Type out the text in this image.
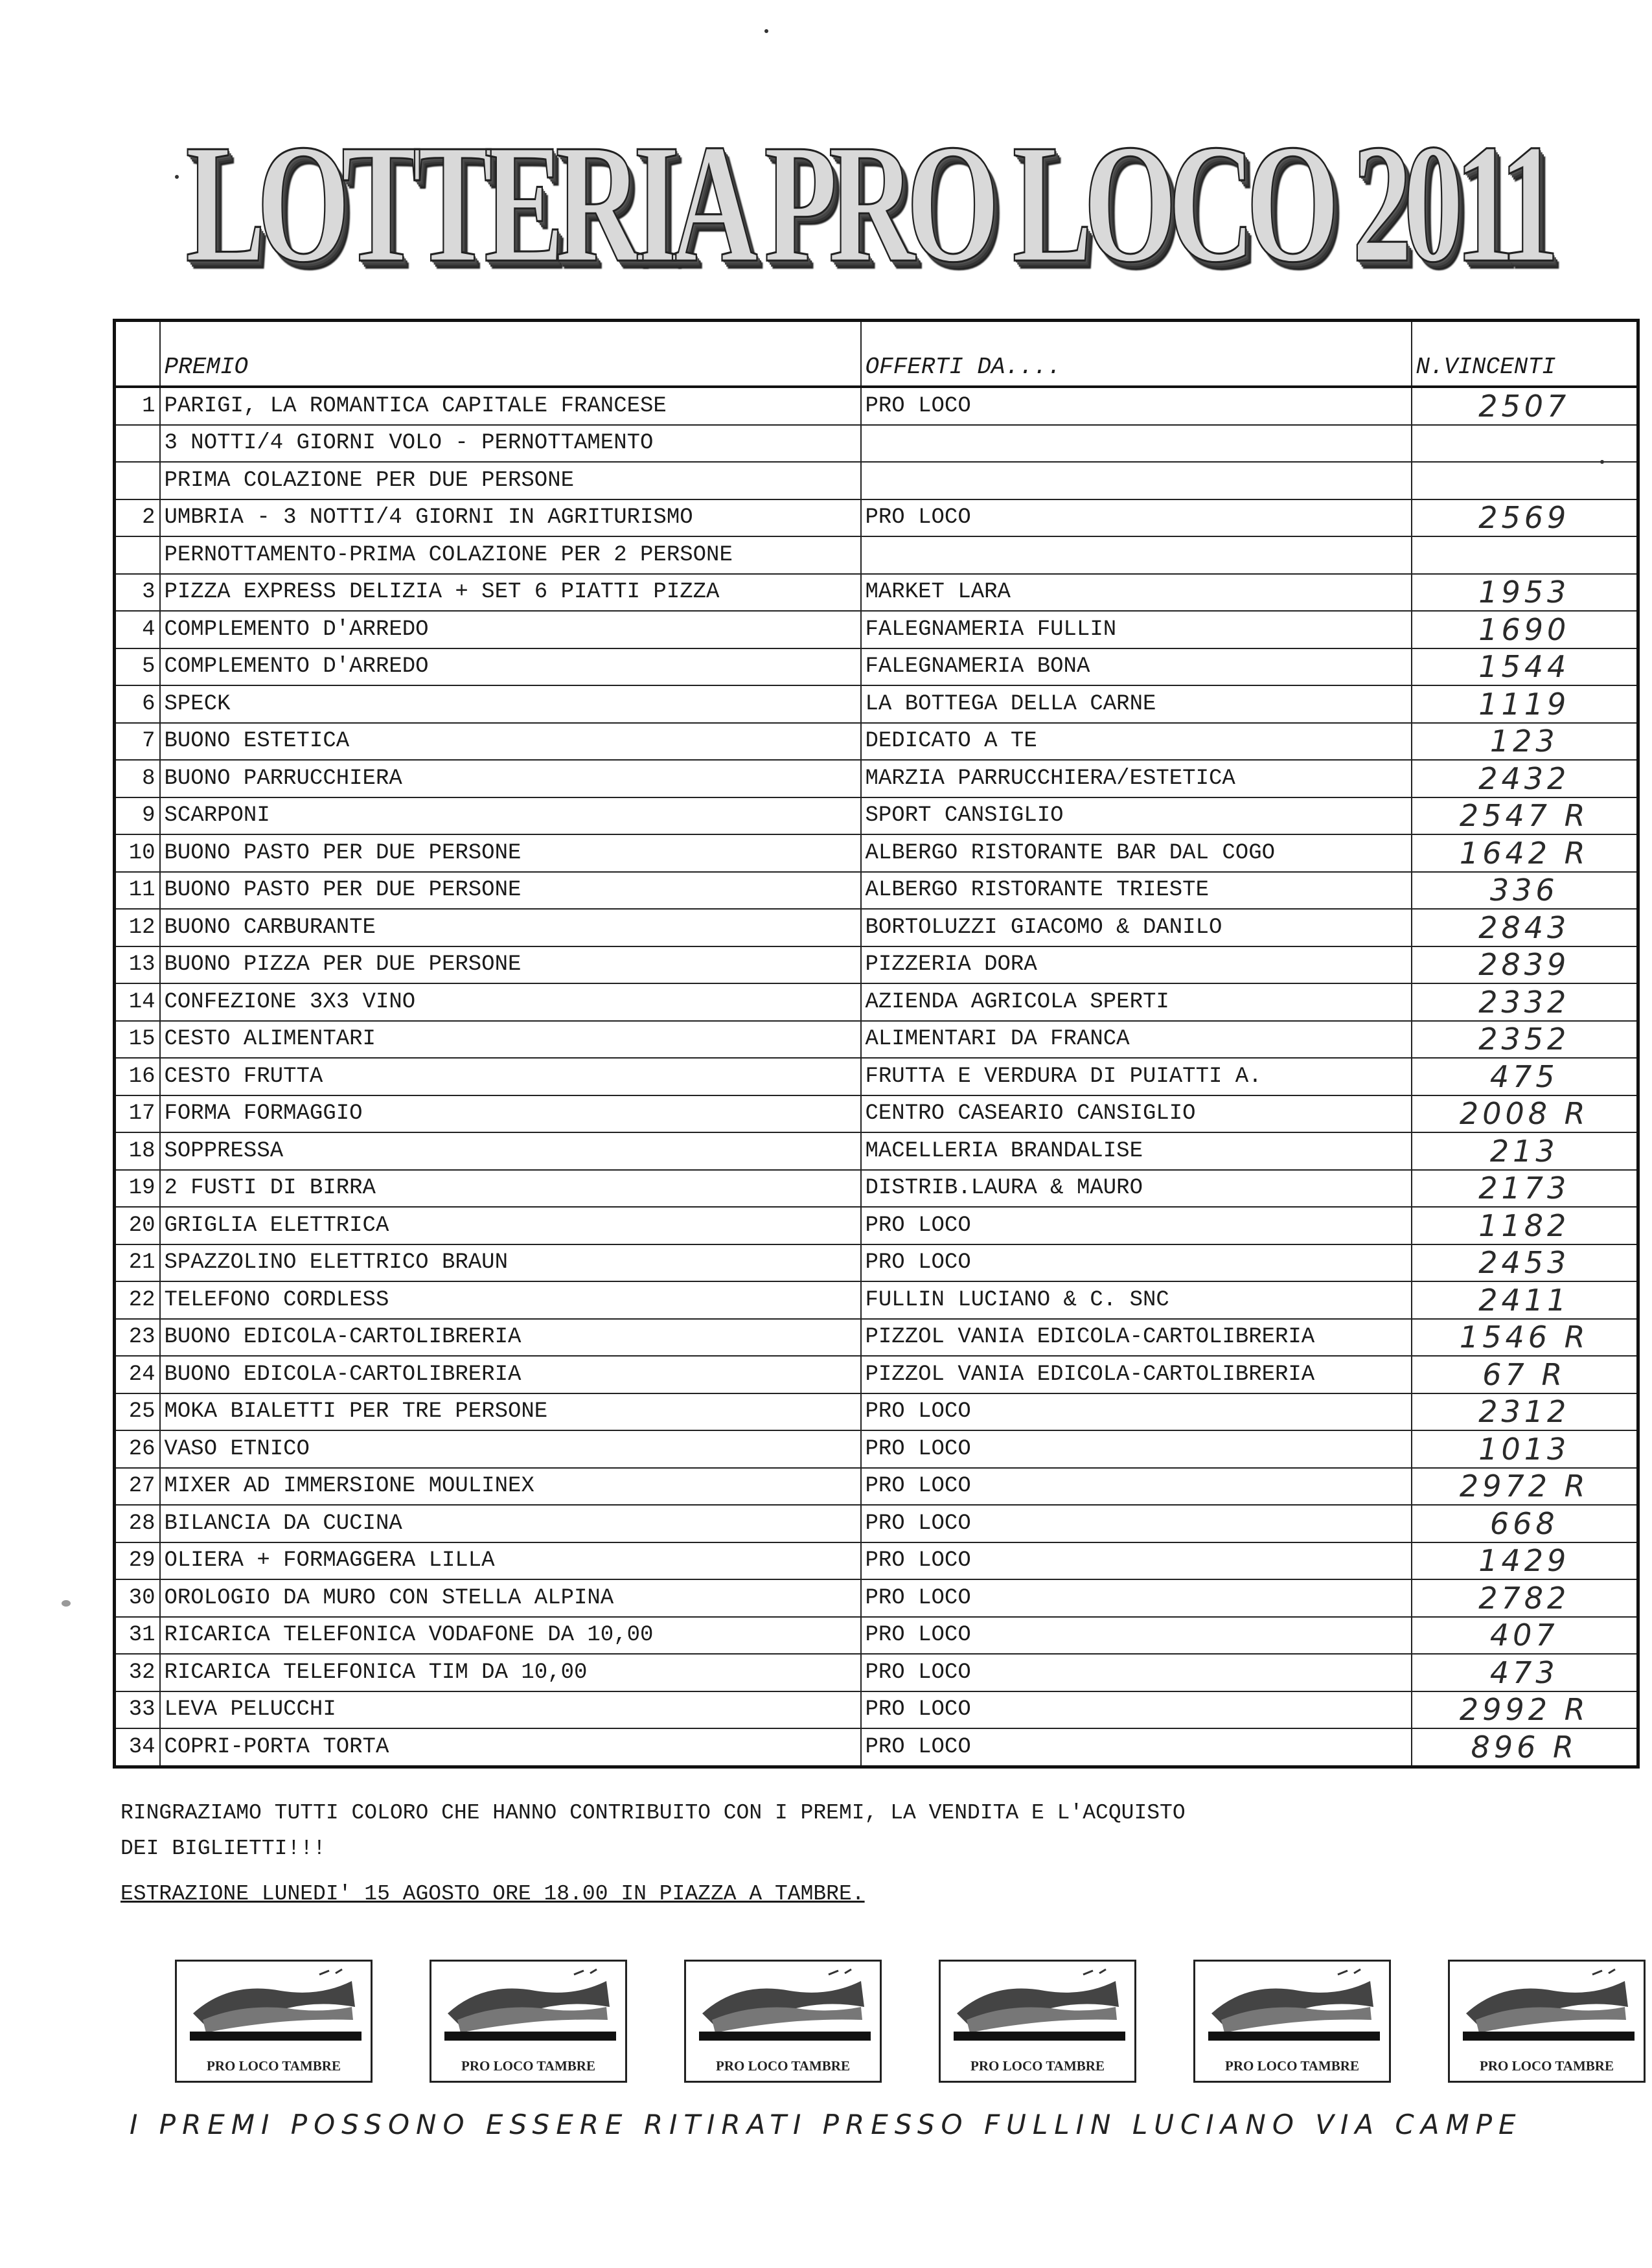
LOTTERIA PRO LOCO 2011
	PREMIO	OFFERTI DA....	N.VINCENTI
1	PARIGI, LA ROMANTICA CAPITALE FRANCESE	PRO LOCO	2507
	3 NOTTI/4 GIORNI VOLO - PERNOTTAMENTO		
	PRIMA COLAZIONE PER DUE PERSONE		
2	UMBRIA - 3 NOTTI/4 GIORNI IN AGRITURISMO	PRO LOCO	2569
	PERNOTTAMENTO-PRIMA COLAZIONE PER 2 PERSONE		
3	PIZZA EXPRESS DELIZIA + SET 6 PIATTI PIZZA	MARKET LARA	1953
4	COMPLEMENTO D'ARREDO	FALEGNAMERIA FULLIN	1690
5	COMPLEMENTO D'ARREDO	FALEGNAMERIA BONA	1544
6	SPECK	LA BOTTEGA DELLA CARNE	1119
7	BUONO ESTETICA	DEDICATO A TE	123
8	BUONO PARRUCCHIERA	MARZIA PARRUCCHIERA/ESTETICA	2432
9	SCARPONI	SPORT CANSIGLIO	2547 R
10	BUONO PASTO PER DUE PERSONE	ALBERGO RISTORANTE BAR DAL COGO	1642 R
11	BUONO PASTO PER DUE PERSONE	ALBERGO RISTORANTE TRIESTE	336
12	BUONO CARBURANTE	BORTOLUZZI GIACOMO & DANILO	2843
13	BUONO PIZZA PER DUE PERSONE	PIZZERIA DORA	2839
14	CONFEZIONE 3X3 VINO	AZIENDA AGRICOLA SPERTI	2332
15	CESTO ALIMENTARI	ALIMENTARI DA FRANCA	2352
16	CESTO FRUTTA	FRUTTA E VERDURA DI PUIATTI A.	475
17	FORMA FORMAGGIO	CENTRO CASEARIO CANSIGLIO	2008 R
18	SOPPRESSA	MACELLERIA BRANDALISE	213
19	2 FUSTI DI BIRRA	DISTRIB.LAURA & MAURO	2173
20	GRIGLIA ELETTRICA	PRO LOCO	1182
21	SPAZZOLINO ELETTRICO BRAUN	PRO LOCO	2453
22	TELEFONO CORDLESS	FULLIN LUCIANO & C. SNC	2411
23	BUONO EDICOLA-CARTOLIBRERIA	PIZZOL VANIA EDICOLA-CARTOLIBRERIA	1546 R
24	BUONO EDICOLA-CARTOLIBRERIA	PIZZOL VANIA EDICOLA-CARTOLIBRERIA	67 R
25	MOKA BIALETTI PER TRE PERSONE	PRO LOCO	2312
26	VASO ETNICO	PRO LOCO	1013
27	MIXER AD IMMERSIONE MOULINEX	PRO LOCO	2972 R
28	BILANCIA DA CUCINA	PRO LOCO	668
29	OLIERA + FORMAGGERA LILLA	PRO LOCO	1429
30	OROLOGIO DA MURO CON STELLA ALPINA	PRO LOCO	2782
31	RICARICA TELEFONICA VODAFONE DA 10,00	PRO LOCO	407
32	RICARICA TELEFONICA TIM DA 10,00	PRO LOCO	473
33	LEVA PELUCCHI	PRO LOCO	2992 R
34	COPRI-PORTA TORTA	PRO LOCO	896 R
RINGRAZIAMO TUTTI COLORO CHE HANNO CONTRIBUITO CON I PREMI, LA VENDITA E L'ACQUISTO
DEI BIGLIETTI!!!
ESTRAZIONE LUNEDI' 15 AGOSTO ORE 18.00 IN PIAZZA A TAMBRE.
PRO LOCO TAMBRE	PRO LOCO TAMBRE	PRO LOCO TAMBRE	PRO LOCO TAMBRE	PRO LOCO TAMBRE	PRO LOCO TAMBRE
I PREMI POSSONO ESSERE RITIRATI PRESSO FULLIN LUCIANO VIA CAMPE
